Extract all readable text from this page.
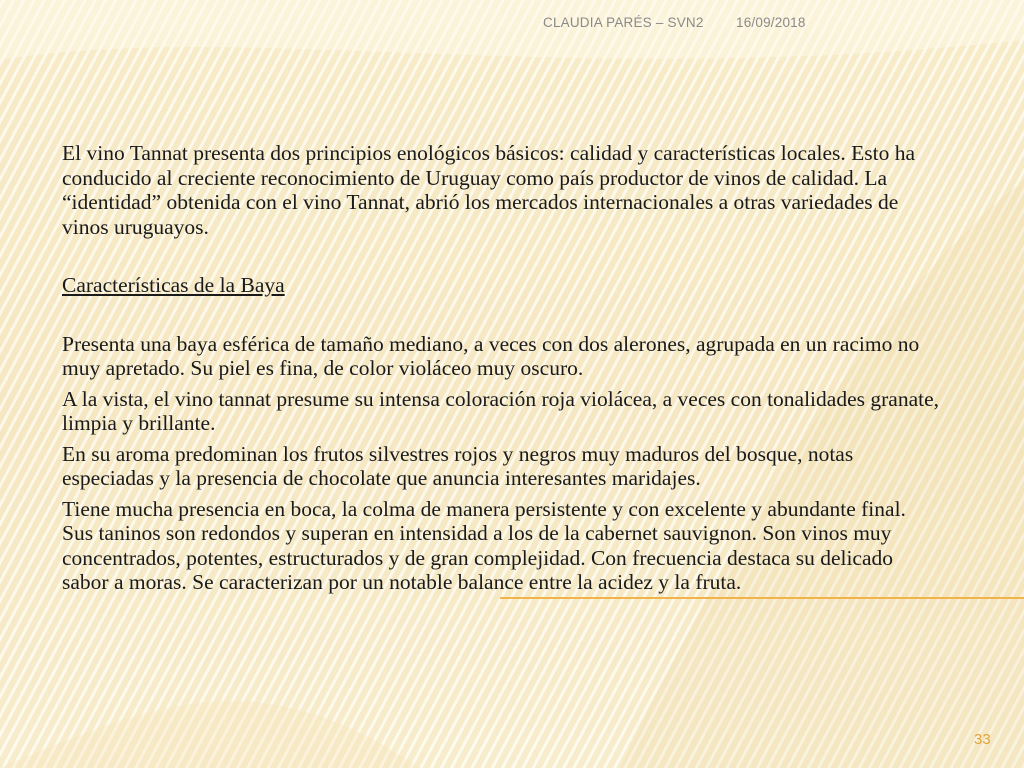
CLAUDIA PARÉS – SVN2 16/09/2018

El vino Tannat presenta dos principios enológicos básicos: calidad y características locales. Esto ha conducido al creciente reconocimiento de Uruguay como país productor de vinos de calidad. La “identidad” obtenida con el vino Tannat, abrió los mercados internacionales a otras variedades de vinos uruguayos.

Características de la Baya

Presenta una baya esférica de tamaño mediano, a veces con dos alerones, agrupada en un racimo no muy apretado. Su piel es fina, de color violáceo muy oscuro.

A la vista, el vino tannat presume su intensa coloración roja violácea, a veces con tonalidades granate, limpia y brillante.

En su aroma predominan los frutos silvestres rojos y negros muy maduros del bosque, notas especiadas y la presencia de chocolate que anuncia interesantes maridajes.

Tiene mucha presencia en boca, la colma de manera persistente y con excelente y abundante final. Sus taninos son redondos y superan en intensidad a los de la cabernet sauvignon. Son vinos muy concentrados, potentes, estructurados y de gran complejidad. Con frecuencia destaca su delicado sabor a moras. Se caracterizan por un notable balance entre la acidez y la fruta.

33
